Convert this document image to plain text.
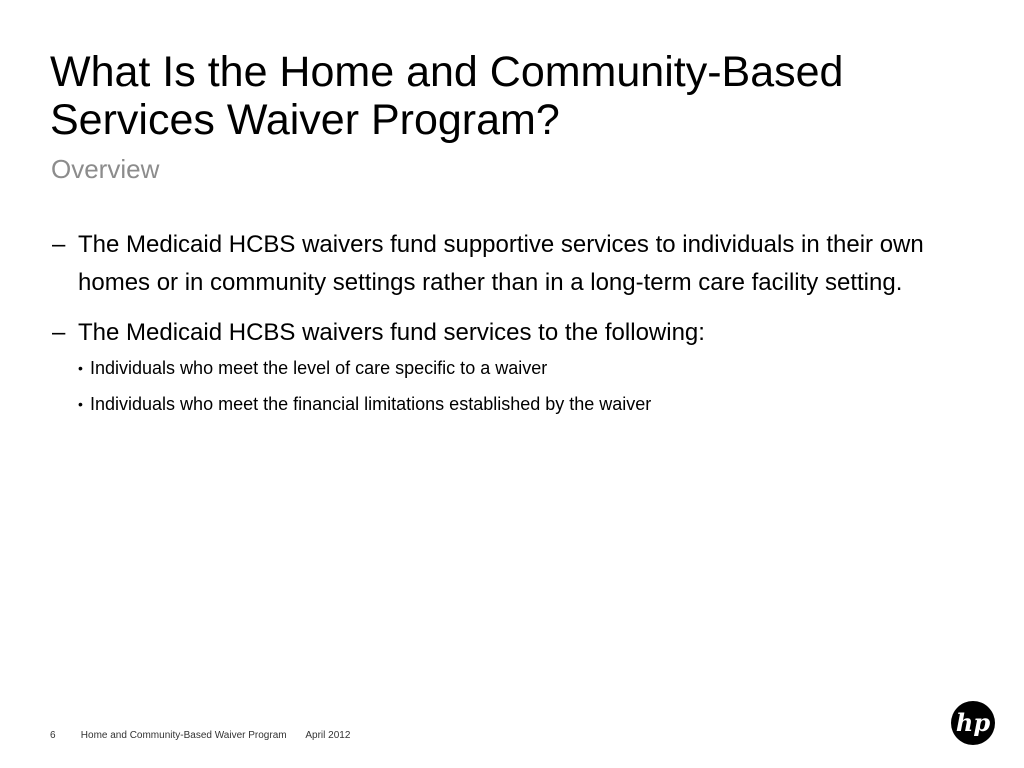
What Is the Home and Community-Based
Services Waiver Program?
Overview
– The Medicaid HCBS waivers fund supportive services to individuals in their own homes or in community settings rather than in a long-term care facility setting.
– The Medicaid HCBS waivers fund services to the following:
• Individuals who meet the level of care specific to a waiver
• Individuals who meet the financial limitations established by the waiver
6	Home and Community-Based Waiver Program April 2012	hp
